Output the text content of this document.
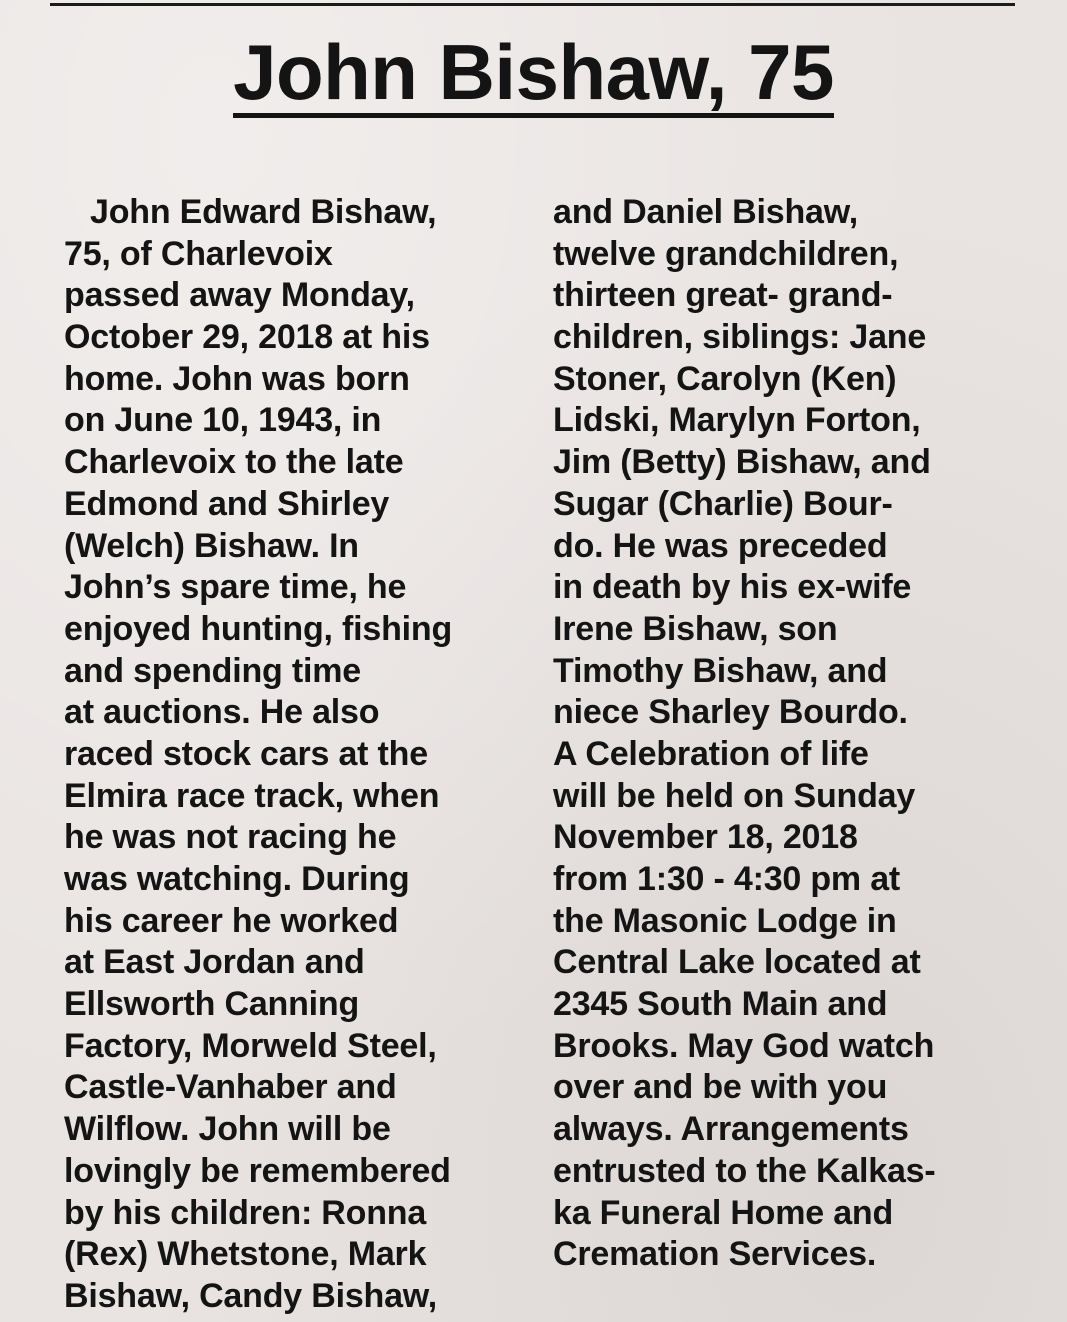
John Bishaw, 75
John Edward Bishaw,
75, of Charlevoix
passed away Monday,
October 29, 2018 at his
home. John was born
on June 10, 1943, in
Charlevoix to the late
Edmond and Shirley
(Welch) Bishaw. In
John’s spare time, he
enjoyed hunting, fishing
and spending time
at auctions. He also
raced stock cars at the
Elmira race track, when
he was not racing he
was watching. During
his career he worked
at East Jordan and
Ellsworth Canning
Factory, Morweld Steel,
Castle-Vanhaber and
Wilflow. John will be
lovingly be remembered
by his children: Ronna
(Rex) Whetstone, Mark
Bishaw, Candy Bishaw,
and Daniel Bishaw,
twelve grandchildren,
thirteen great- grand-
children, siblings: Jane
Stoner, Carolyn (Ken)
Lidski, Marylyn Forton,
Jim (Betty) Bishaw, and
Sugar (Charlie) Bour-
do. He was preceded
in death by his ex-wife
Irene Bishaw, son
Timothy Bishaw, and
niece Sharley Bourdo.
A Celebration of life
will be held on Sunday
November 18, 2018
from 1:30 - 4:30 pm at
the Masonic Lodge in
Central Lake located at
2345 South Main and
Brooks. May God watch
over and be with you
always. Arrangements
entrusted to the Kalkas-
ka Funeral Home and
Cremation Services.
